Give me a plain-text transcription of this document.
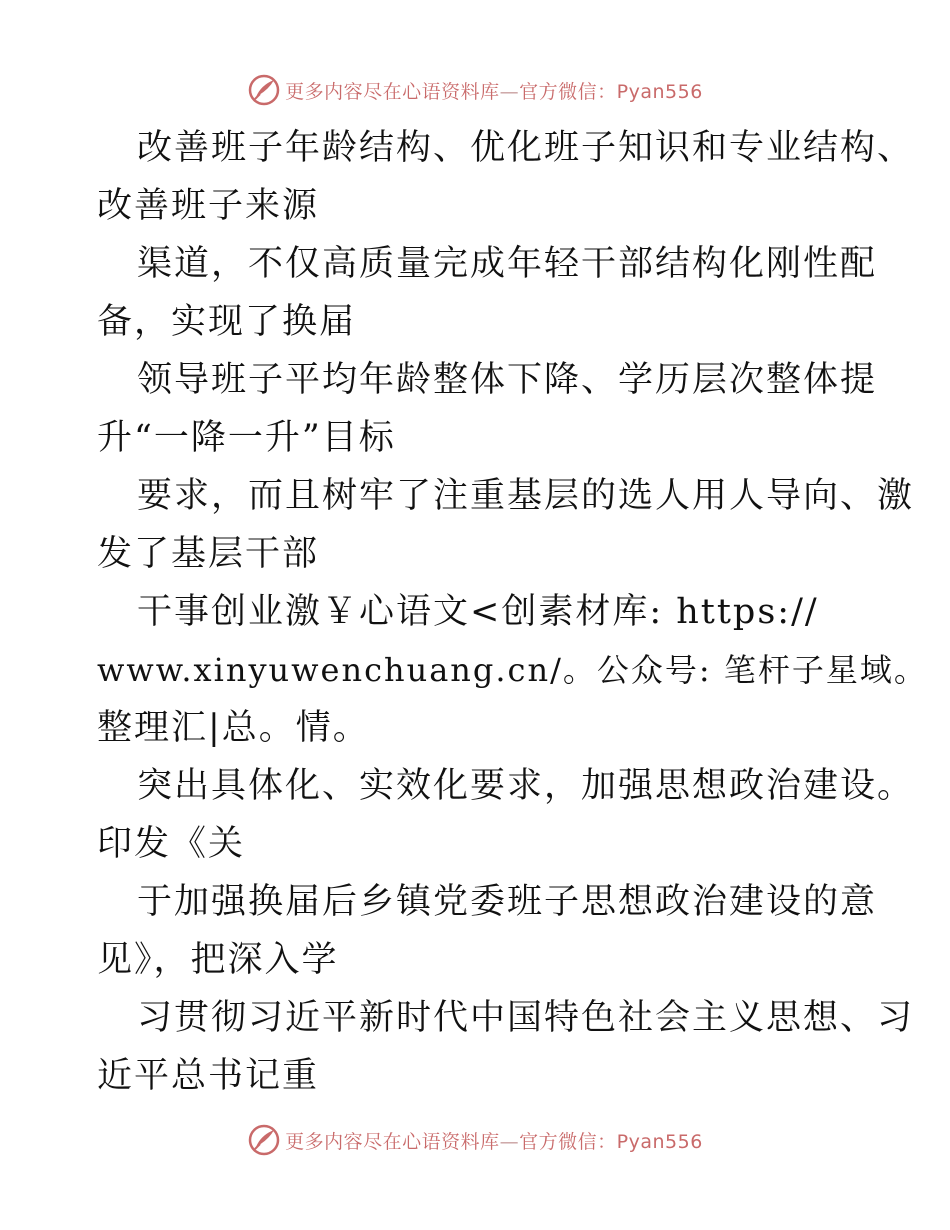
更多内容尽在心语资料库—官方微信：Pyan556
改善班子年龄结构、优化班子知识和专业结构、
改善班子来源
渠道，不仅高质量完成年轻干部结构化刚性配
备，实现了换届
领导班子平均年龄整体下降、学历层次整体提
升“一降一升”目标
要求，而且树牢了注重基层的选人用人导向、激
发了基层干部
干事创业激￥心语文<创素材库: https://
www.xinyuwenchuang.cn/。公众号: 笔杆子星域。
整理汇|总。情。
突出具体化、实效化要求，加强思想政治建设。
印发《关
于加强换届后乡镇党委班子思想政治建设的意
见》，把深入学
习贯彻习近平新时代中国特色社会主义思想、习
近平总书记重
更多内容尽在心语资料库—官方微信：Pyan556
